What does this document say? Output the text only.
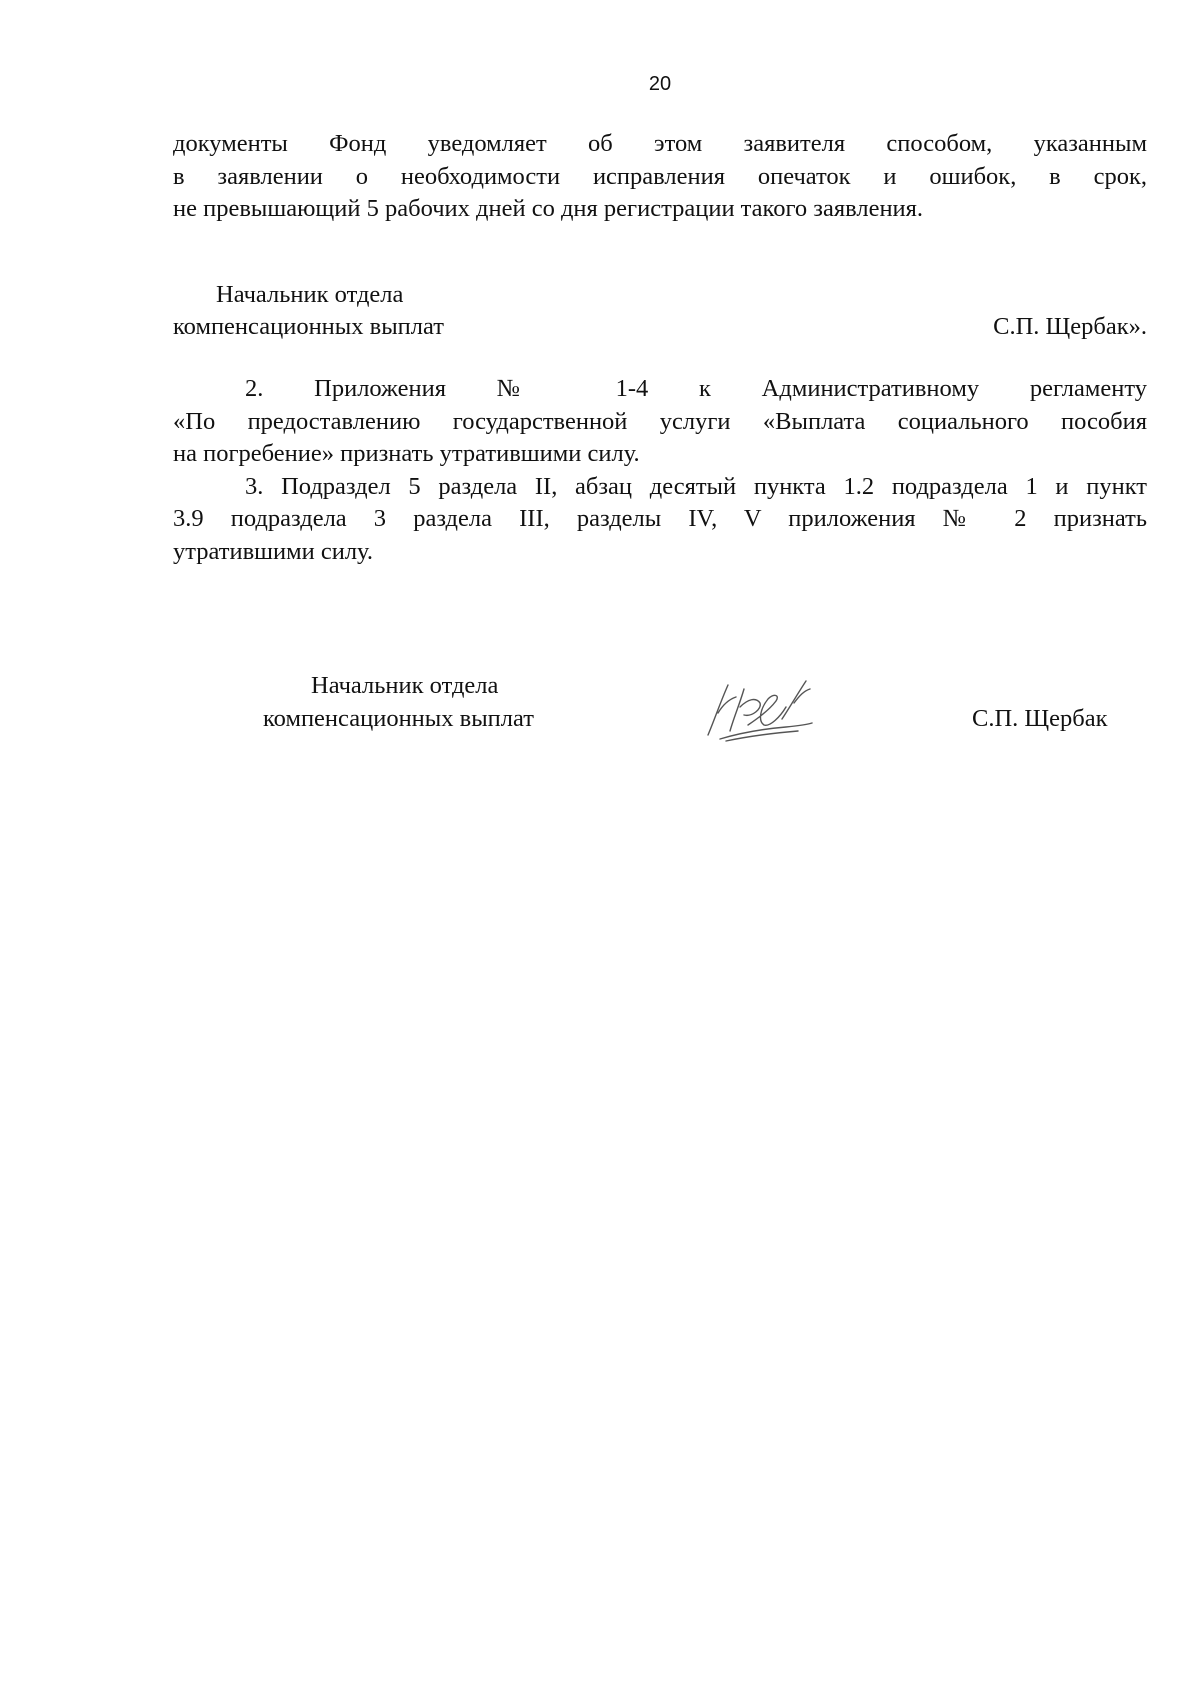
20
документы Фонд уведомляет об этом заявителя способом, указанным
в заявлении о необходимости исправления опечаток и ошибок, в срок,
не превышающий 5 рабочих дней со дня регистрации такого заявления.
Начальник отдела
компенсационных выплат	С.П. Щербак».
2. Приложения № 1-4 к Административному регламенту
«По предоставлению государственной услуги «Выплата социального пособия
на погребение» признать утратившими силу.
3. Подраздел 5 раздела II, абзац десятый пункта 1.2 подраздела 1 и пункт
3.9 подраздела 3 раздела III, разделы IV, V приложения № 2 признать
утратившими силу.
Начальник отдела
компенсационных выплат	С.П. Щербак
